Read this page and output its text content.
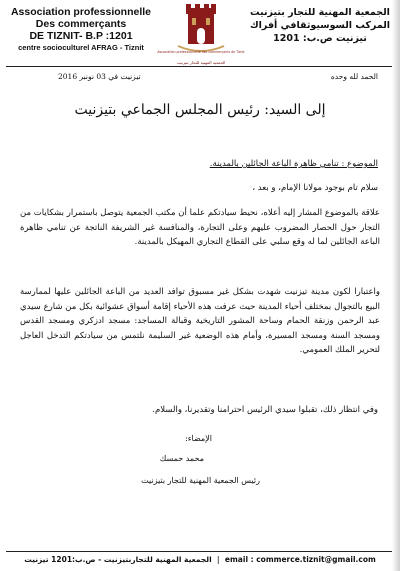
Association professionnelle
Des commerçants
DE TIZNIT- B.P :1201
centre socioculturel AFRAG - Tiznit	Association professionnelle des commerçants de Tiznit
الجمعية المهنية للتجار بتيزنيت
الجمعية المهنية للتجار بتيزنيت
المركب السوسيوثقافي أفراك
تيزنيت ص.ب: 1201
الحمد لله وحده
تيزنيت في 03 نونبر 2016
إلى السيد: رئيس المجلس الجماعي بتيزنيت
الموضوع : تنامي ظاهرة الباعة الجائلين بالمدينة.
سلام تام بوجود مولانا الإمام، و بعد ،
علاقة بالموضوع المشار إليه أعلاه، نحيط سيادتكم علما أن مكتب الجمعية يتوصل باستمرار بشكايات من التجار حول الحصار المضروب عليهم وعلى التجارة، والمنافسة غير الشريفة الناتجة عن تنامي ظاهرة الباعة الجائلين لما له وقع سلبي على القطاع التجاري المهيكل بالمدينة.
واعتبارا لكون مدينة تيزنيت شهدت بشكل غير مسبوق توافد العديد من الباعة الجائلين عليها لممارسة البيع بالتجوال بمختلف أحياء المدينة حيث عرفت هذه الأحياء إقامة أسواق عشوائية بكل من شارع سيدي عبد الرحمن وزنقة الحمام وساحة المشور التاريخية وقبالة المساجد: مسجد ادزكري ومسجد القدس ومسجد السنة ومسجد المسيرة، وأمام هذه الوضعية غير السليمة نلتمس من سيادتكم التدخل العاجل لتحرير الملك العمومي.
وفي انتظار ذلك، تقبلوا سيدي الرئيس احترامنا وتقديرنا، والسلام.
الإمضاء:
محمد حمسك
رئيس الجمعية المهنية للتجار بتيزنيت
الجمعية المهنية للتجاربتيزنيت - ص.ب:1201 تيزنيت  |  email : commerce.tiznit@gmail.com
